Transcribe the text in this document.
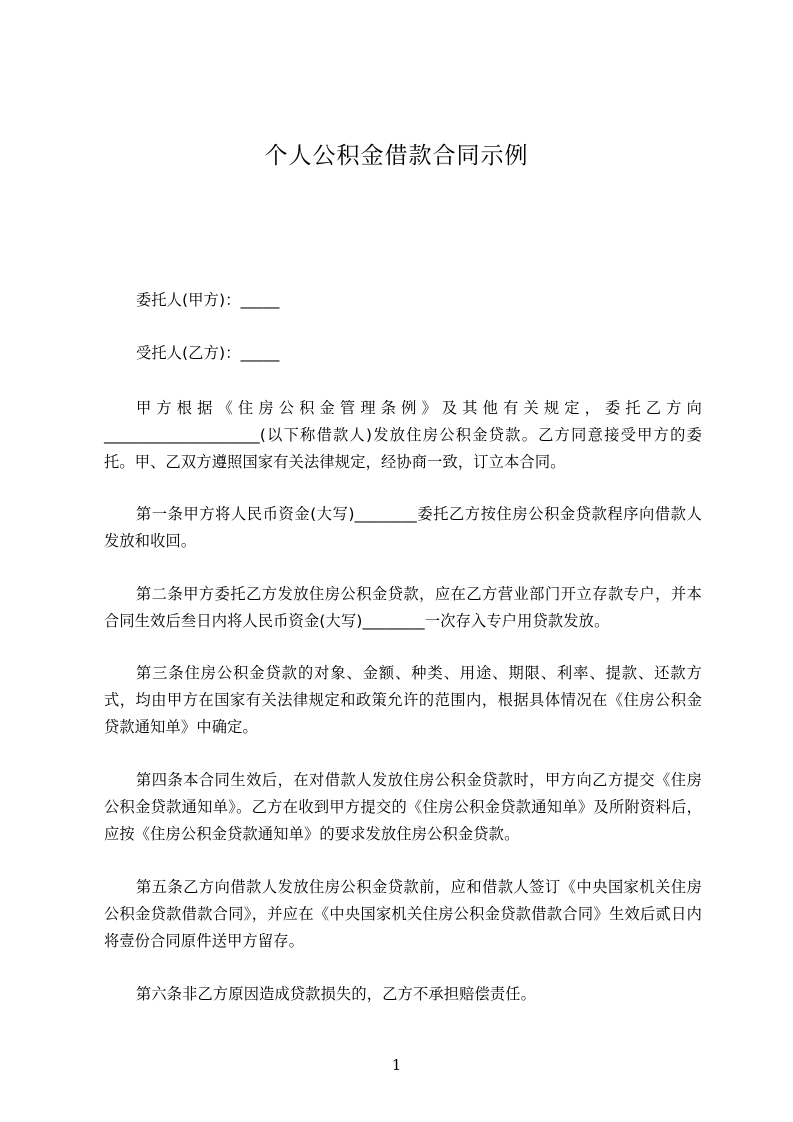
个人公积金借款合同示例

委托人(甲方)：_____

受托人(乙方)：_____

甲方根据《住房公积金管理条例》及其他有关规定，委托乙方向____________________(以下称借款人)发放住房公积金贷款。乙方同意接受甲方的委托。甲、乙双方遵照国家有关法律规定，经协商一致，订立本合同。

第一条甲方将人民币资金(大写)________委托乙方按住房公积金贷款程序向借款人发放和收回。

第二条甲方委托乙方发放住房公积金贷款，应在乙方营业部门开立存款专户，并本合同生效后叁日内将人民币资金(大写)________一次存入专户用贷款发放。

第三条住房公积金贷款的对象、金额、种类、用途、期限、利率、提款、还款方式，均由甲方在国家有关法律规定和政策允许的范围内，根据具体情况在《住房公积金贷款通知单》中确定。

第四条本合同生效后，在对借款人发放住房公积金贷款时，甲方向乙方提交《住房公积金贷款通知单》。乙方在收到甲方提交的《住房公积金贷款通知单》及所附资料后，应按《住房公积金贷款通知单》的要求发放住房公积金贷款。

第五条乙方向借款人发放住房公积金贷款前，应和借款人签订《中央国家机关住房公积金贷款借款合同》，并应在《中央国家机关住房公积金贷款借款合同》生效后贰日内将壹份合同原件送甲方留存。

第六条非乙方原因造成贷款损失的，乙方不承担赔偿责任。

1
